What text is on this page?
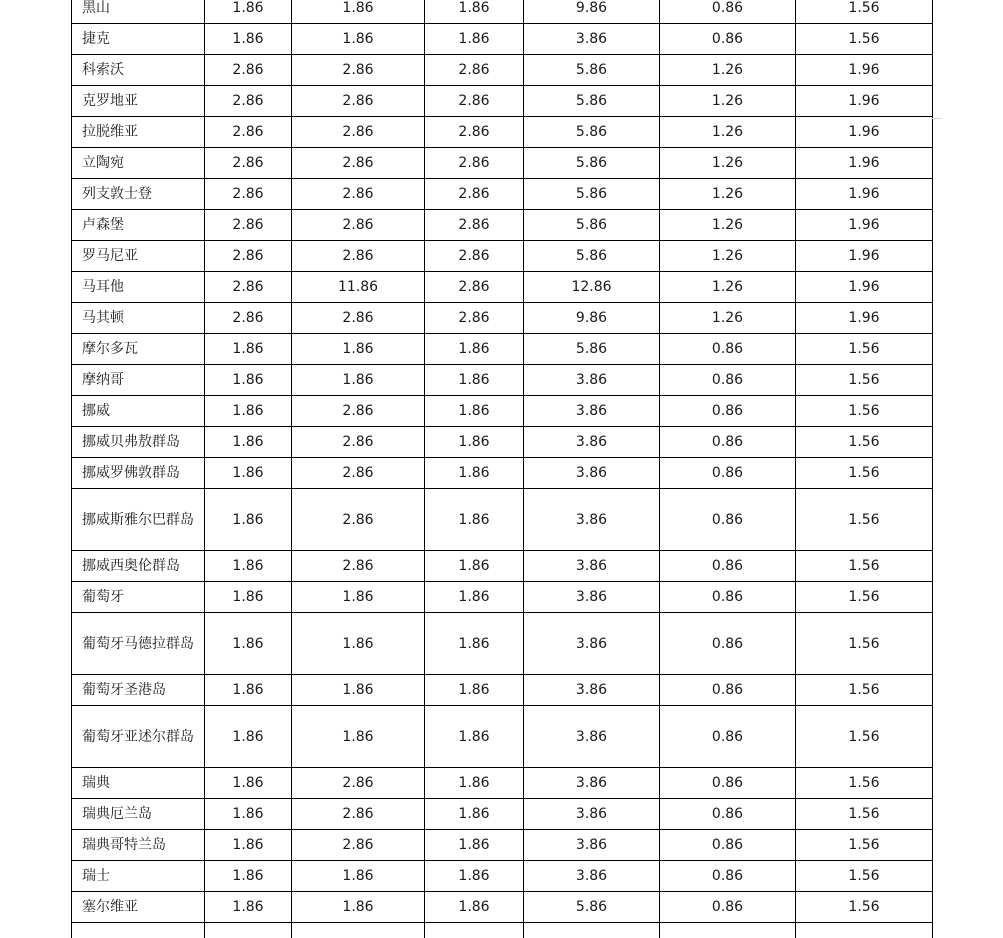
黑山	1.86	1.86	1.86	9.86	0.86	1.56
捷克	1.86	1.86	1.86	3.86	0.86	1.56
科索沃	2.86	2.86	2.86	5.86	1.26	1.96
克罗地亚	2.86	2.86	2.86	5.86	1.26	1.96
拉脱维亚	2.86	2.86	2.86	5.86	1.26	1.96
立陶宛	2.86	2.86	2.86	5.86	1.26	1.96
列支敦士登	2.86	2.86	2.86	5.86	1.26	1.96
卢森堡	2.86	2.86	2.86	5.86	1.26	1.96
罗马尼亚	2.86	2.86	2.86	5.86	1.26	1.96
马耳他	2.86	11.86	2.86	12.86	1.26	1.96
马其顿	2.86	2.86	2.86	9.86	1.26	1.96
摩尔多瓦	1.86	1.86	1.86	5.86	0.86	1.56
摩纳哥	1.86	1.86	1.86	3.86	0.86	1.56
挪威	1.86	2.86	1.86	3.86	0.86	1.56
挪威贝弗敖群岛	1.86	2.86	1.86	3.86	0.86	1.56
挪威罗佛敦群岛	1.86	2.86	1.86	3.86	0.86	1.56
挪威斯雅尔巴群岛	1.86	2.86	1.86	3.86	0.86	1.56
挪威西奥伦群岛	1.86	2.86	1.86	3.86	0.86	1.56
葡萄牙	1.86	1.86	1.86	3.86	0.86	1.56
葡萄牙马德拉群岛	1.86	1.86	1.86	3.86	0.86	1.56
葡萄牙圣港岛	1.86	1.86	1.86	3.86	0.86	1.56
葡萄牙亚述尔群岛	1.86	1.86	1.86	3.86	0.86	1.56
瑞典	1.86	2.86	1.86	3.86	0.86	1.56
瑞典厄兰岛	1.86	2.86	1.86	3.86	0.86	1.56
瑞典哥特兰岛	1.86	2.86	1.86	3.86	0.86	1.56
瑞士	1.86	1.86	1.86	3.86	0.86	1.56
塞尔维亚	1.86	1.86	1.86	5.86	0.86	1.56
